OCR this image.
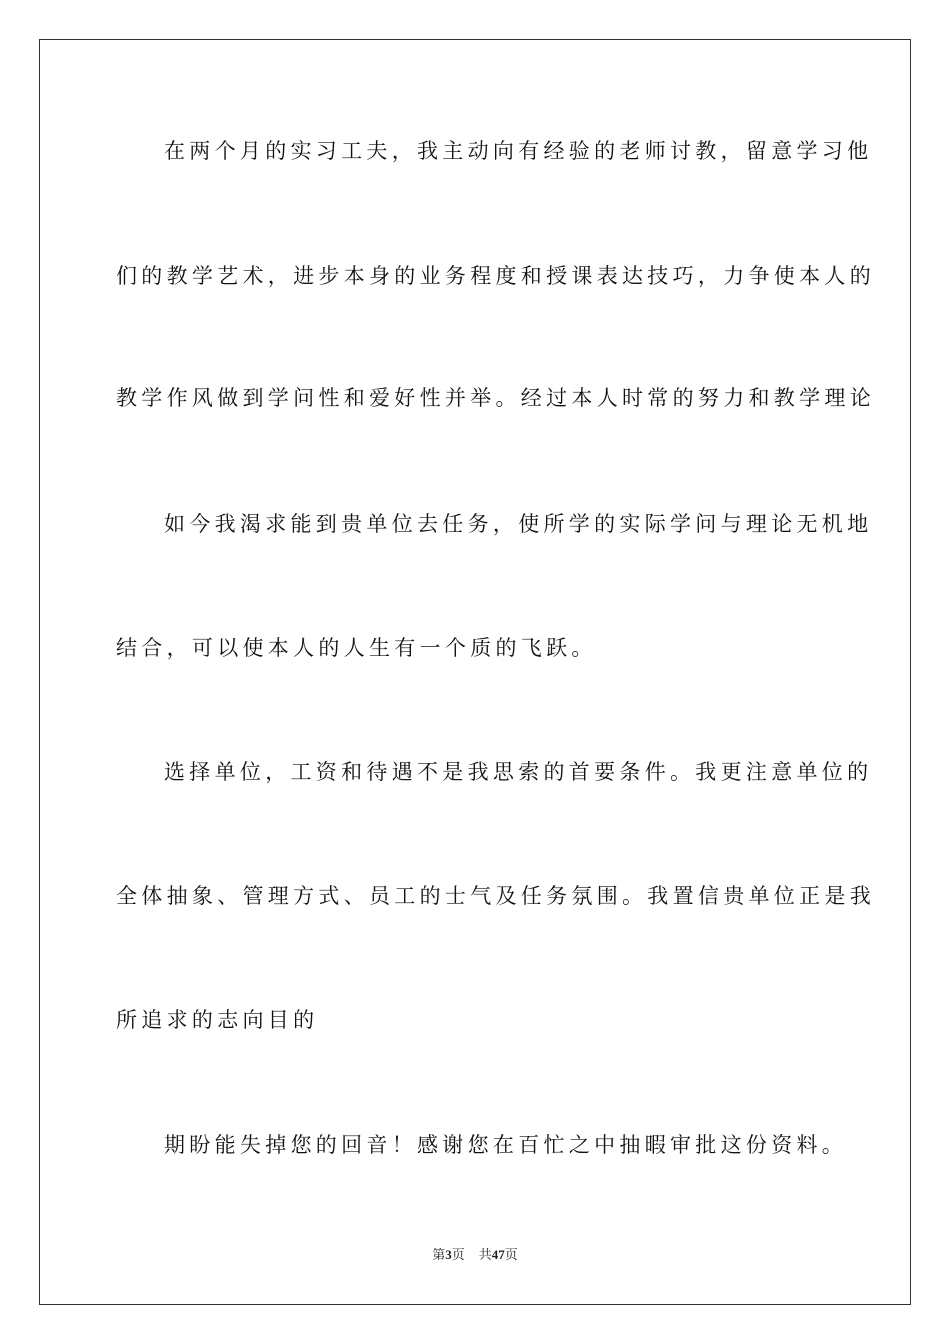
在两个月的实习工夫，我主动向有经验的老师讨教，留意学习他

们的教学艺术，进步本身的业务程度和授课表达技巧，力争使本人的

教学作风做到学问性和爱好性并举。经过本人时常的努力和教学理论

如今我渴求能到贵单位去任务，使所学的实际学问与理论无机地

结合，可以使本人的人生有一个质的飞跃。

选择单位，工资和待遇不是我思索的首要条件。我更注意单位的

全体抽象、管理方式、员工的士气及任务氛围。我置信贵单位正是我

所追求的志向目的

期盼能失掉您的回音！感谢您在百忙之中抽暇审批这份资料。

第3页 共47页
